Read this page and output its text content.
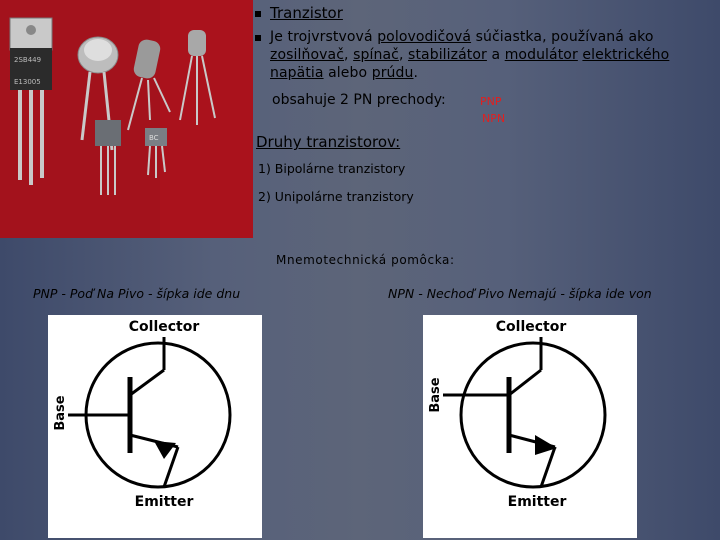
2SB449
E13005
BC
Tranzistor
Je trojvrstvová polovodičová súčiastka, používaná ako zosilňovač, spínač, stabilizátor a modulátor elektrického napätia alebo prúdu.
obsahuje 2 PN prechody:	PNP
NPN
Druhy tranzistorov:
1) Bipolárne tranzistory
2) Unipolárne tranzistory
Mnemotechnická pomôcka:
PNP - Poď Na Pivo - šípka ide dnu	NPN - Nechoď Pivo Nemajú - šípka ide von
Collector
Emitter
Base
Collector
Emitter
Base
